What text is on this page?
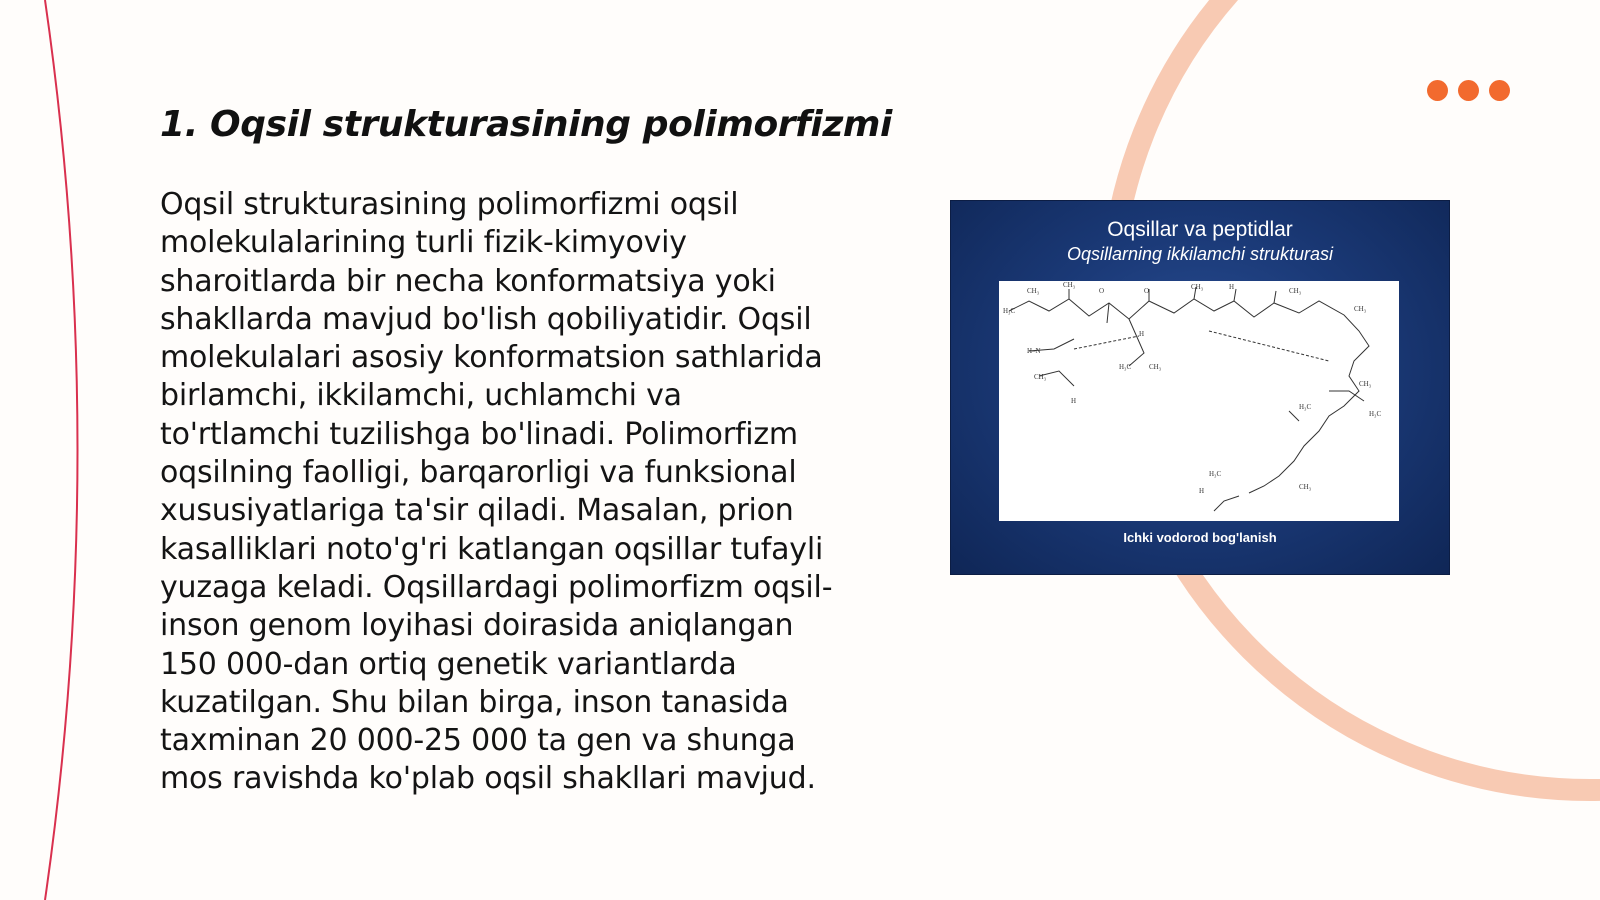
1. Oqsil strukturasining polimorfizmi

Oqsil strukturasining polimorfizmi oqsil molekulalarining turli fizik-kimyoviy sharoitlarda bir necha konformatsiya yoki shakllarda mavjud bo'lish qobiliyatidir. Oqsil molekulalari asosiy konformatsion sathlarida birlamchi, ikkilamchi, uchlamchi va to'rtlamchi tuzilishga bo'linadi. Polimorfizm oqsilning faolligi, barqarorligi va funksional xususiyatlariga ta'sir qiladi. Masalan, prion kasalliklari noto'g'ri katlangan oqsillar tufayli yuzaga keladi. Oqsillardagi polimorfizm oqsil-inson genom loyihasi doirasida aniqlangan 150 000-dan ortiq genetik variantlarda kuzatilgan. Shu bilan birga, inson tanasida taxminan 20 000-25 000 ta gen va shunga mos ravishda ko'plab oqsil shakllari mavjud.

Oqsillar va peptidlar
Oqsillarning ikkilamchi strukturasi
H₃C
CH₃
CH₃
O	O	CH₃	H	CH₃
CH₃
H–N
H
H₃C	CH₃
CH₃
H
CH₃
H₃C
H₃C
H₃C
H	CH₃
Ichki vodorod bog'lanish
